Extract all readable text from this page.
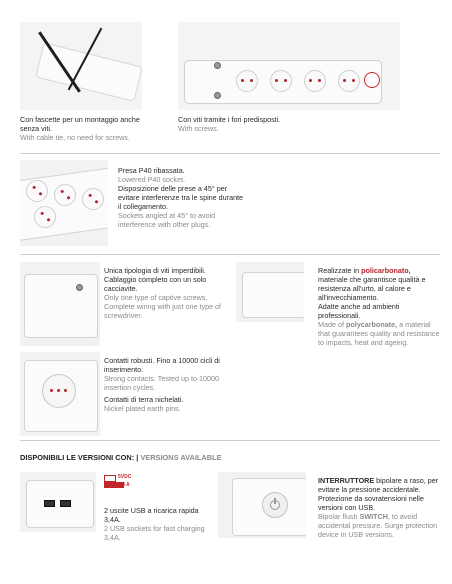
Con fascette per un montaggio anche senza viti.
With cable tie, no need for screws.
Con viti tramite i fori predisposti.
With screws.
Presa P40 ribassata.
Lowered P40 socket.
Disposizione delle prese a 45° per evitare interferenze tra le spine durante il collegamento.
Sockets angled at 45° to avoid interference with other plugs.
Unica tipologia di viti imperdibili. Cablaggio completo con un solo cacciavite.
Only one type of captive screws. Complete wiring with just one type of screwdriver.
Realizzate in policarbonato, materiale che garantisce qualità e resistenza all'urto, al calore e all'invecchiamento.
Adatte anche ad ambienti professionali.
Made of polycarbonate, a material that guarantees quality and resistance to impacts, heat and ageing.
Contatti robusti. Fino a 10000 cicli di inserimento.
Strong contacts. Tested up to 10000 insertion cycles.
Contatti di terra nichelati.
Nickel plated earth pins.
DISPONIBILI LE VERSIONI CON: | VERSIONS AVAILABLE
5VDC
3,4 A
2 uscite USB a ricarica rapida 3,4A.
2 USB sockets for fast charging 3,4A.
INTERRUTTORE bipolare a raso, per evitare la pressione accidentale. Protezione da sovratensioni nelle versioni con USB.
Bipolar flush SWITCH, to avoid accidental pressure. Surge protection device in USB versions.
